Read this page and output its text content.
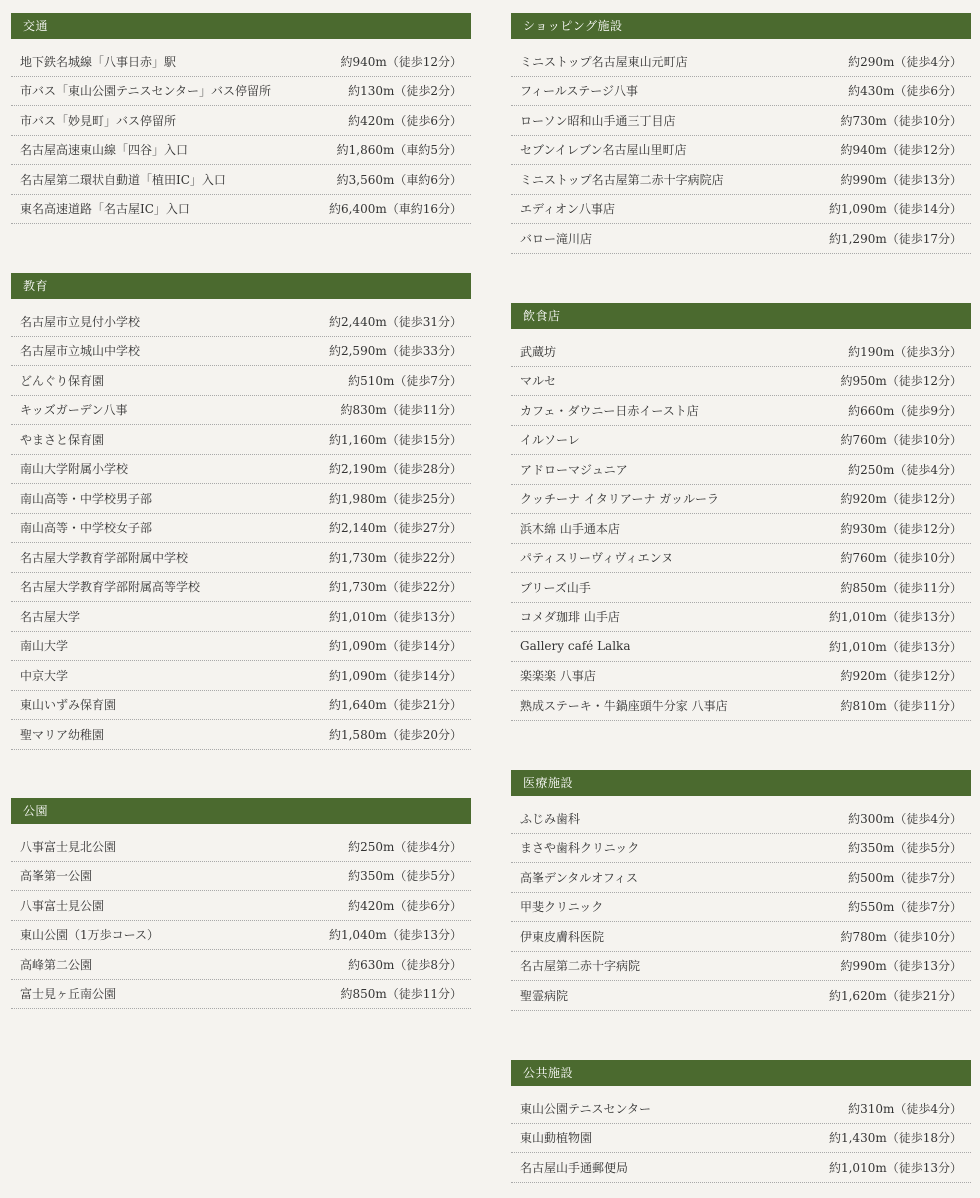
交通
地下鉄名城線「八事日赤」駅	約940m（徒歩12分）
市バス「東山公園テニスセンター」バス停留所	約130m（徒歩2分）
市バス「妙見町」バス停留所	約420m（徒歩6分）
名古屋高速東山線「四谷」入口	約1,860m（車約5分）
名古屋第二環状自動道「植田IC」入口	約3,560m（車約6分）
東名高速道路「名古屋IC」入口	約6,400m（車約16分）
教育
名古屋市立見付小学校	約2,440m（徒歩31分）
名古屋市立城山中学校	約2,590m（徒歩33分）
どんぐり保育園	約510m（徒歩7分）
キッズガーデン八事	約830m（徒歩11分）
やまさと保育園	約1,160m（徒歩15分）
南山大学附属小学校	約2,190m（徒歩28分）
南山高等・中学校男子部	約1,980m（徒歩25分）
南山高等・中学校女子部	約2,140m（徒歩27分）
名古屋大学教育学部附属中学校	約1,730m（徒歩22分）
名古屋大学教育学部附属高等学校	約1,730m（徒歩22分）
名古屋大学	約1,010m（徒歩13分）
南山大学	約1,090m（徒歩14分）
中京大学	約1,090m（徒歩14分）
東山いずみ保育園	約1,640m（徒歩21分）
聖マリア幼稚園	約1,580m（徒歩20分）
公園
八事富士見北公園	約250m（徒歩4分）
高峯第一公園	約350m（徒歩5分）
八事富士見公園	約420m（徒歩6分）
東山公園（1万歩コース）	約1,040m（徒歩13分）
高峰第二公園	約630m（徒歩8分）
富士見ヶ丘南公園	約850m（徒歩11分）
ショッピング施設
ミニストップ名古屋東山元町店	約290m（徒歩4分）
フィールステージ八事	約430m（徒歩6分）
ローソン昭和山手通三丁目店	約730m（徒歩10分）
セブンイレブン名古屋山里町店	約940m（徒歩12分）
ミニストップ名古屋第二赤十字病院店	約990m（徒歩13分）
エディオン八事店	約1,090m（徒歩14分）
バロー滝川店	約1,290m（徒歩17分）
飲食店
武蔵坊	約190m（徒歩3分）
マルセ	約950m（徒歩12分）
カフェ・ダウニー日赤イースト店	約660m（徒歩9分）
イルソーレ	約760m（徒歩10分）
アドローマジュニア	約250m（徒歩4分）
クッチーナ イタリアーナ ガッルーラ	約920m（徒歩12分）
浜木綿 山手通本店	約930m（徒歩12分）
パティスリーヴィヴィエンヌ	約760m（徒歩10分）
ブリーズ山手	約850m（徒歩11分）
コメダ珈琲 山手店	約1,010m（徒歩13分）
Gallery café Lalka	約1,010m（徒歩13分）
楽楽楽 八事店	約920m（徒歩12分）
熟成ステーキ・牛鍋座頭牛分家 八事店	約810m（徒歩11分）
医療施設
ふじみ歯科	約300m（徒歩4分）
まさや歯科クリニック	約350m（徒歩5分）
高峯デンタルオフィス	約500m（徒歩7分）
甲斐クリニック	約550m（徒歩7分）
伊東皮膚科医院	約780m（徒歩10分）
名古屋第二赤十字病院	約990m（徒歩13分）
聖霊病院	約1,620m（徒歩21分）
公共施設
東山公園テニスセンター	約310m（徒歩4分）
東山動植物園	約1,430m（徒歩18分）
名古屋山手通郵便局	約1,010m（徒歩13分）
